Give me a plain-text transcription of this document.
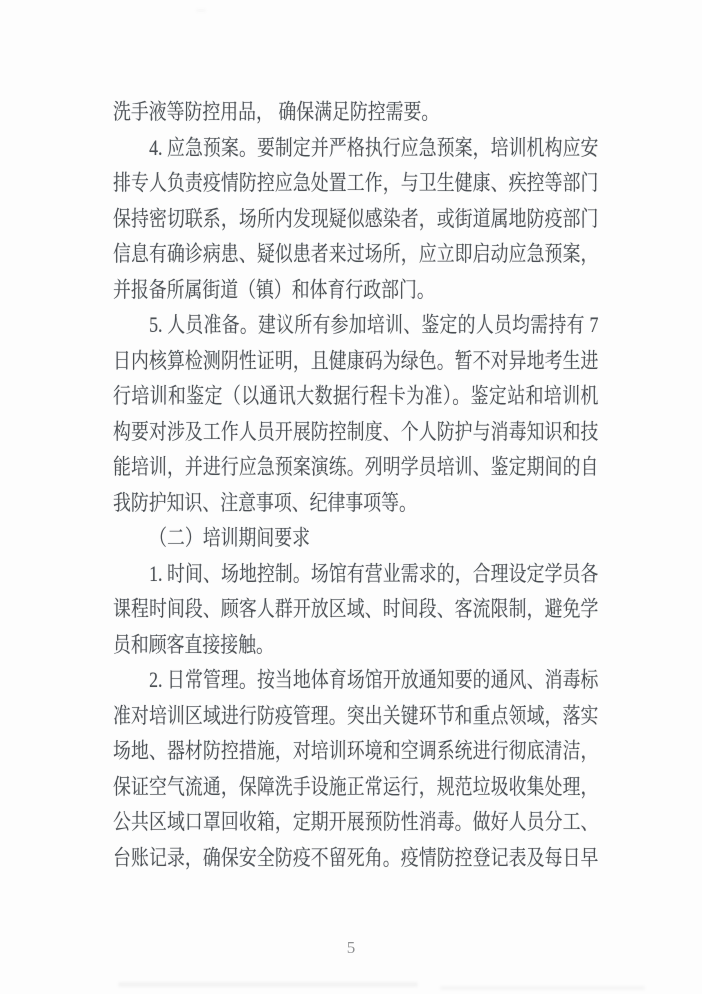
洗手液等防控用品， 确保满足防控需要。
4. 应急预案。要制定并严格执行应急预案，培训机构应安
排专人负责疫情防控应急处置工作，与卫生健康、疾控等部门
保持密切联系，场所内发现疑似感染者，或街道属地防疫部门
信息有确诊病患、疑似患者来过场所，应立即启动应急预案，
并报备所属街道（镇）和体育行政部门。
5. 人员准备。建议所有参加培训、鉴定的人员均需持有 7
日内核算检测阴性证明，且健康码为绿色。暂不对异地考生进
行培训和鉴定（以通讯大数据行程卡为准）。鉴定站和培训机
构要对涉及工作人员开展防控制度、个人防护与消毒知识和技
能培训，并进行应急预案演练。列明学员培训、鉴定期间的自
我防护知识、注意事项、纪律事项等。
（二）培训期间要求
1. 时间、场地控制。场馆有营业需求的，合理设定学员各
课程时间段、顾客人群开放区域、时间段、客流限制，避免学
员和顾客直接接触。
2. 日常管理。按当地体育场馆开放通知要的通风、消毒标
准对培训区域进行防疫管理。突出关键环节和重点领域，落实
场地、器材防控措施，对培训环境和空调系统进行彻底清洁，
保证空气流通，保障洗手设施正常运行，规范垃圾收集处理，
公共区域口罩回收箱，定期开展预防性消毒。做好人员分工、
台账记录，确保安全防疫不留死角。疫情防控登记表及每日早
5
